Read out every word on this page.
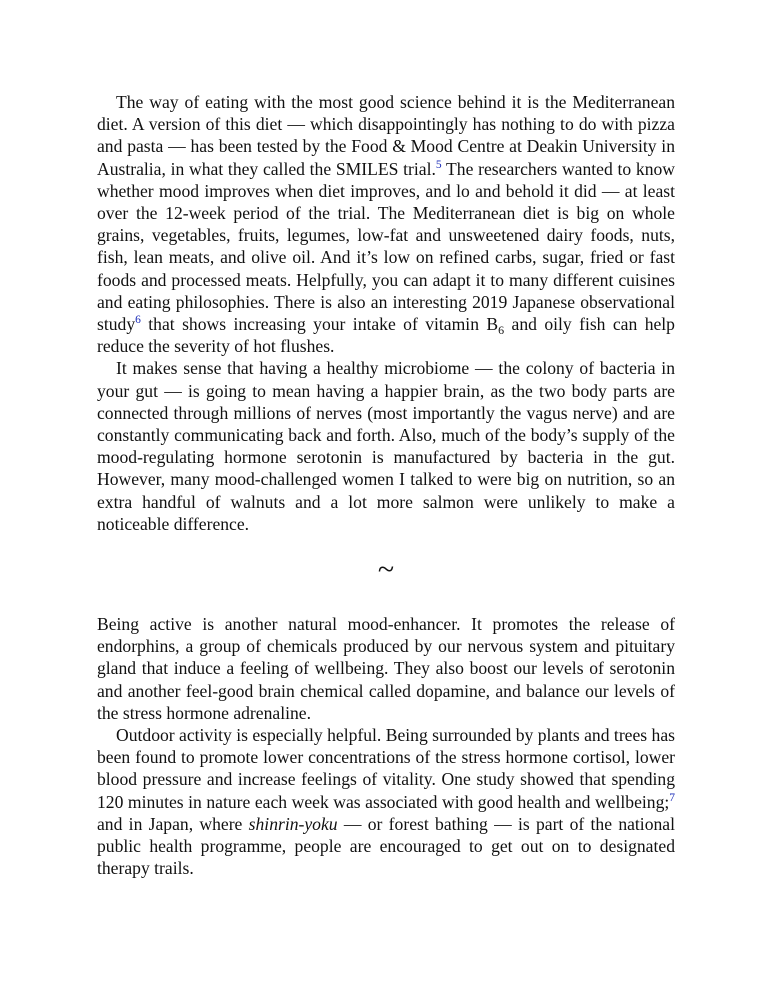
The way of eating with the most good science behind it is the Mediterranean diet. A version of this diet — which disappointingly has nothing to do with pizza and pasta — has been tested by the Food & Mood Centre at Deakin University in Australia, in what they called the SMILES trial.$^5$ The researchers wanted to know whether mood improves when diet improves, and lo and behold it did — at least over the 12-week period of the trial. The Mediterranean diet is big on whole grains, vegetables, fruits, legumes, low-fat and unsweetened dairy foods, nuts, fish, lean meats, and olive oil. And it’s low on refined carbs, sugar, fried or fast foods and processed meats. Helpfully, you can adapt it to many different cuisines and eating philosophies. There is also an interesting 2019 Japanese observational study$^6$ that shows increasing your intake of vitamin $B_6$ and oily fish can help reduce the severity of hot flushes.

It makes sense that having a healthy microbiome — the colony of bacteria in your gut — is going to mean having a happier brain, as the two body parts are connected through millions of nerves (most importantly the vagus nerve) and are constantly communicating back and forth. Also, much of the body’s supply of the mood-regulating hormone serotonin is manufactured by bacteria in the gut. However, many mood-challenged women I talked to were big on nutrition, so an extra handful of walnuts and a lot more salmon were unlikely to make a noticeable difference.

~

Being active is another natural mood-enhancer. It promotes the release of endorphins, a group of chemicals produced by our nervous system and pituitary gland that induce a feeling of wellbeing. They also boost our levels of serotonin and another feel-good brain chemical called dopamine, and balance our levels of the stress hormone adrenaline.

Outdoor activity is especially helpful. Being surrounded by plants and trees has been found to promote lower concentrations of the stress hormone cortisol, lower blood pressure and increase feelings of vitality. One study showed that spending 120 minutes in nature each week was associated with good health and wellbeing;$^7$ and in Japan, where shinrin-yoku — or forest bathing — is part of the national public health programme, people are encouraged to get out on to designated therapy trails.
